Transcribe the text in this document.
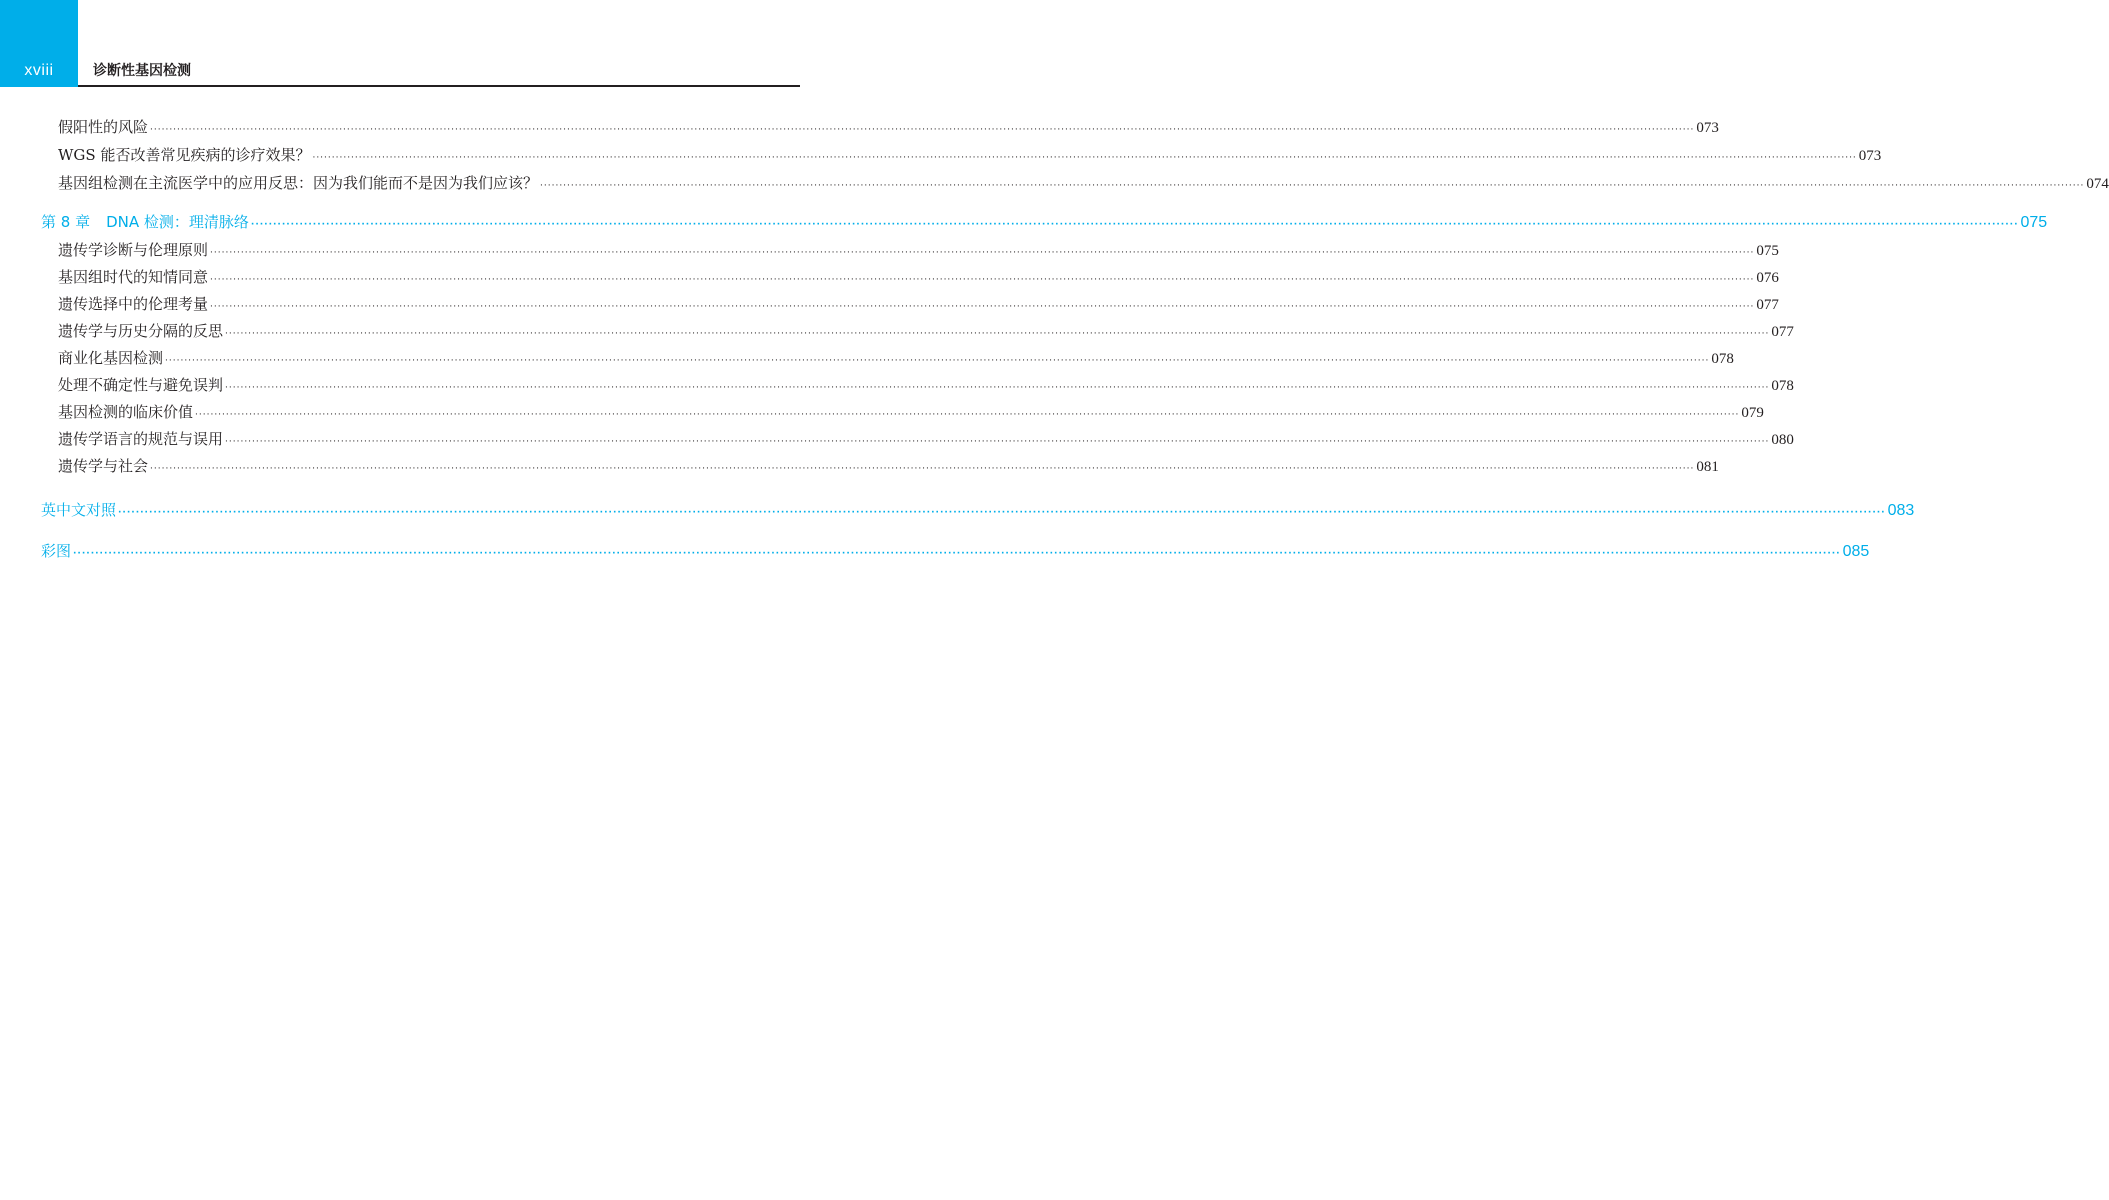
xviii	诊断性基因检测
假阳性的风险 ················································································································································································································································································································································································································ 073
WGS 能否改善常见疾病的诊疗效果？ ················································································································································································································································································································································································································ 073
基因组检测在主流医学中的应用反思：因为我们能而不是因为我们应该？ ················································································································································································································································································································································································································ 074
第 8 章 DNA 检测：理清脉络 ················································································································································································································································································································································································································ 075
遗传学诊断与伦理原则 ················································································································································································································································································································································································································ 075
基因组时代的知情同意 ················································································································································································································································································································································································································ 076
遗传选择中的伦理考量 ················································································································································································································································································································································································································ 077
遗传学与历史分隔的反思 ················································································································································································································································································································································································································ 077
商业化基因检测 ················································································································································································································································································································································································································ 078
处理不确定性与避免误判 ················································································································································································································································································································································································································ 078
基因检测的临床价值 ················································································································································································································································································································································································································ 079
遗传学语言的规范与误用 ················································································································································································································································································································································································································ 080
遗传学与社会 ················································································································································································································································································································································································································ 081
英中文对照 ················································································································································································································································································································································································································ 083
彩图 ················································································································································································································································································································································································································ 085
